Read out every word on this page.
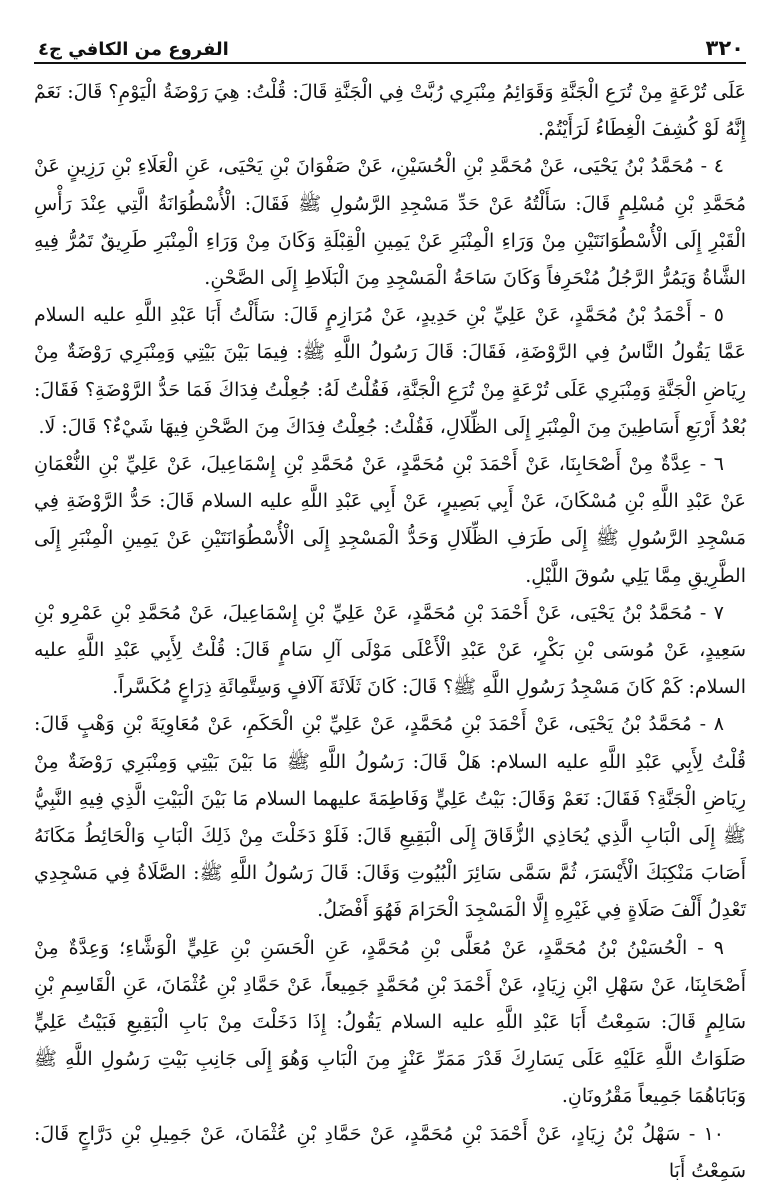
٣٢٠
الفروع من الكافي ج٤

عَلَى تُرْعَةٍ مِنْ تُرَعِ الْجَنَّةِ وَقَوَائِمُ مِنْبَرِي رُبَّتْ فِي الْجَنَّةِ قَالَ: قُلْتُ: هِيَ رَوْضَةُ الْيَوْمِ؟ قَالَ: نَعَمْ إِنَّهُ لَوْ كُشِفَ الْغِطَاءُ لَرَأَيْتُمْ.

٤ - مُحَمَّدُ بْنُ يَحْيَى، عَنْ مُحَمَّدِ بْنِ الْحُسَيْنِ، عَنْ صَفْوَانَ بْنِ يَحْيَى، عَنِ الْعَلَاءِ بْنِ رَزِينٍ عَنْ مُحَمَّدِ بْنِ مُسْلِمٍ قَالَ: سَأَلْتُهُ عَنْ حَدِّ مَسْجِدِ الرَّسُولِ ﷺ فَقَالَ: الْأُسْطُوَانَةُ الَّتِي عِنْدَ رَأْسِ الْقَبْرِ إِلَى الْأُسْطُوَانَتَيْنِ مِنْ وَرَاءِ الْمِنْبَرِ عَنْ يَمِينِ الْقِبْلَةِ وَكَانَ مِنْ وَرَاءِ الْمِنْبَرِ طَرِيقٌ تَمُرُّ فِيهِ الشَّاةُ وَيَمُرُّ الرَّجُلُ مُنْحَرِفاً وَكَانَ سَاحَةُ الْمَسْجِدِ مِنَ الْبَلَاطِ إِلَى الصَّحْنِ.

٥ - أَحْمَدُ بْنُ مُحَمَّدٍ، عَنْ عَلِيِّ بْنِ حَدِيدٍ، عَنْ مُرَازِمٍ قَالَ: سَأَلْتُ أَبَا عَبْدِ اللَّهِ عليه السلام عَمَّا يَقُولُ النَّاسُ فِي الرَّوْضَةِ، فَقَالَ: قَالَ رَسُولُ اللَّهِ ﷺ: فِيمَا بَيْنَ بَيْتِي وَمِنْبَرِي رَوْضَةٌ مِنْ رِيَاضِ الْجَنَّةِ وَمِنْبَرِي عَلَى تُرْعَةٍ مِنْ تُرَعِ الْجَنَّةِ، فَقُلْتُ لَهُ: جُعِلْتُ فِدَاكَ فَمَا حَدُّ الرَّوْضَةِ؟ فَقَالَ: بُعْدُ أَرْبَعِ أَسَاطِينَ مِنَ الْمِنْبَرِ إِلَى الظِّلَالِ، فَقُلْتُ: جُعِلْتُ فِدَاكَ مِنَ الصَّحْنِ فِيهَا شَيْءٌ؟ قَالَ: لَا.

٦ - عِدَّةٌ مِنْ أَصْحَابِنَا، عَنْ أَحْمَدَ بْنِ مُحَمَّدٍ، عَنْ مُحَمَّدِ بْنِ إِسْمَاعِيلَ، عَنْ عَلِيِّ بْنِ النُّعْمَانِ عَنْ عَبْدِ اللَّهِ بْنِ مُسْكَانَ، عَنْ أَبِي بَصِيرٍ، عَنْ أَبِي عَبْدِ اللَّهِ عليه السلام قَالَ: حَدُّ الرَّوْضَةِ فِي مَسْجِدِ الرَّسُولِ ﷺ إِلَى طَرَفِ الظِّلَالِ وَحَدُّ الْمَسْجِدِ إِلَى الْأُسْطُوَانَتَيْنِ عَنْ يَمِينِ الْمِنْبَرِ إِلَى الطَّرِيقِ مِمَّا يَلِي سُوقَ اللَّيْلِ.

٧ - مُحَمَّدُ بْنُ يَحْيَى، عَنْ أَحْمَدَ بْنِ مُحَمَّدٍ، عَنْ عَلِيِّ بْنِ إِسْمَاعِيلَ، عَنْ مُحَمَّدِ بْنِ عَمْرِو بْنِ سَعِيدٍ، عَنْ مُوسَى بْنِ بَكْرٍ، عَنْ عَبْدِ الْأَعْلَى مَوْلَى آلِ سَامٍ قَالَ: قُلْتُ لِأَبِي عَبْدِ اللَّهِ عليه السلام: كَمْ كَانَ مَسْجِدُ رَسُولِ اللَّهِ ﷺ؟ قَالَ: كَانَ ثَلَاثَةَ آلَافٍ وَسِتَّمِائَةِ ذِرَاعٍ مُكَسَّراً.

٨ - مُحَمَّدُ بْنُ يَحْيَى، عَنْ أَحْمَدَ بْنِ مُحَمَّدٍ، عَنْ عَلِيِّ بْنِ الْحَكَمِ، عَنْ مُعَاوِيَةَ بْنِ وَهْبٍ قَالَ: قُلْتُ لِأَبِي عَبْدِ اللَّهِ عليه السلام: هَلْ قَالَ: رَسُولُ اللَّهِ ﷺ مَا بَيْنَ بَيْتِي وَمِنْبَرِي رَوْضَةٌ مِنْ رِيَاضِ الْجَنَّةِ؟ فَقَالَ: نَعَمْ وَقَالَ: بَيْتُ عَلِيٍّ وَفَاطِمَةَ عليهما السلام مَا بَيْنَ الْبَيْتِ الَّذِي فِيهِ النَّبِيُّ ﷺ إِلَى الْبَابِ الَّذِي يُحَاذِي الزُّقَاقَ إِلَى الْبَقِيعِ قَالَ: فَلَوْ دَخَلْتَ مِنْ ذَلِكَ الْبَابِ وَالْحَائِطُ مَكَانَهُ أَصَابَ مَنْكِبَكَ الْأَيْسَرَ، ثُمَّ سَمَّى سَائِرَ الْبُيُوتِ وَقَالَ: قَالَ رَسُولُ اللَّهِ ﷺ: الصَّلَاةُ فِي مَسْجِدِي تَعْدِلُ أَلْفَ صَلَاةٍ فِي غَيْرِهِ إِلَّا الْمَسْجِدَ الْحَرَامَ فَهُوَ أَفْضَلُ.

٩ - الْحُسَيْنُ بْنُ مُحَمَّدٍ، عَنْ مُعَلَّى بْنِ مُحَمَّدٍ، عَنِ الْحَسَنِ بْنِ عَلِيٍّ الْوَشَّاءِ؛ وَعِدَّةٌ مِنْ أَصْحَابِنَا، عَنْ سَهْلِ ابْنِ زِيَادٍ، عَنْ أَحْمَدَ بْنِ مُحَمَّدٍ جَمِيعاً، عَنْ حَمَّادِ بْنِ عُثْمَانَ، عَنِ الْقَاسِمِ بْنِ سَالِمٍ قَالَ: سَمِعْتُ أَبَا عَبْدِ اللَّهِ عليه السلام يَقُولُ: إِذَا دَخَلْتَ مِنْ بَابِ الْبَقِيعِ فَبَيْتُ عَلِيٍّ صَلَوَاتُ اللَّهِ عَلَيْهِ عَلَى يَسَارِكَ قَدْرَ مَمَرِّ عَنْزٍ مِنَ الْبَابِ وَهُوَ إِلَى جَانِبِ بَيْتِ رَسُولِ اللَّهِ ﷺ وَبَابَاهُمَا جَمِيعاً مَقْرُونَانِ.

١٠ - سَهْلُ بْنُ زِيَادٍ، عَنْ أَحْمَدَ بْنِ مُحَمَّدٍ، عَنْ حَمَّادِ بْنِ عُثْمَانَ، عَنْ جَمِيلِ بْنِ دَرَّاجٍ قَالَ: سَمِعْتُ أَبَا
